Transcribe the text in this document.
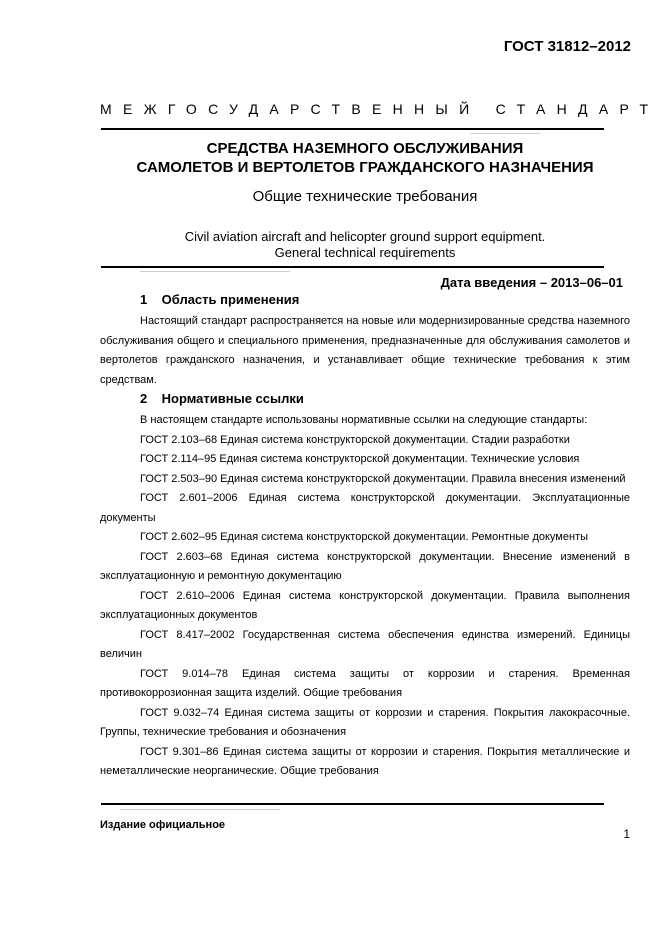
ГОСТ 31812–2012
МЕЖГОСУДАРСТВЕННЫЙ СТАНДАРТ
СРЕДСТВА НАЗЕМНОГО ОБСЛУЖИВАНИЯ
САМОЛЕТОВ И ВЕРТОЛЕТОВ ГРАЖДАНСКОГО НАЗНАЧЕНИЯ
Общие технические требования
Civil aviation aircraft and helicopter ground support equipment.
General technical requirements
Дата введения – 2013–06–01
1 Область применения
Настоящий стандарт распространяется на новые или модернизированные средства наземного обслуживания общего и специального применения, предназначенные для обслуживания самолетов и вертолетов гражданского назначения, и устанавливает общие технические требования к этим средствам.
2 Нормативные ссылки

В настоящем стандарте использованы нормативные ссылки на следующие стандарты:

ГОСТ 2.103–68 Единая система конструкторской документации. Стадии разработки

ГОСТ 2.114–95 Единая система конструкторской документации. Технические условия

ГОСТ 2.503–90 Единая система конструкторской документации. Правила внесения изменений

ГОСТ 2.601–2006 Единая система конструкторской документации. Эксплуатационные документы

ГОСТ 2.602–95 Единая система конструкторской документации. Ремонтные документы

ГОСТ 2.603–68 Единая система конструкторской документации. Внесение изменений в эксплуатационную и ремонтную документацию

ГОСТ 2.610–2006 Единая система конструкторской документации. Правила выполнения эксплуатационных документов

ГОСТ 8.417–2002 Государственная система обеспечения единства измерений. Единицы величин

ГОСТ 9.014–78 Единая система защиты от коррозии и старения. Временная противокоррозионная защита изделий. Общие требования

ГОСТ 9.032–74 Единая система защиты от коррозии и старения. Покрытия лакокрасочные. Группы, технические требования и обозначения

ГОСТ 9.301–86 Единая система защиты от коррозии и старения. Покрытия металлические и неметаллические неорганические. Общие требования

Издание официальное
1
